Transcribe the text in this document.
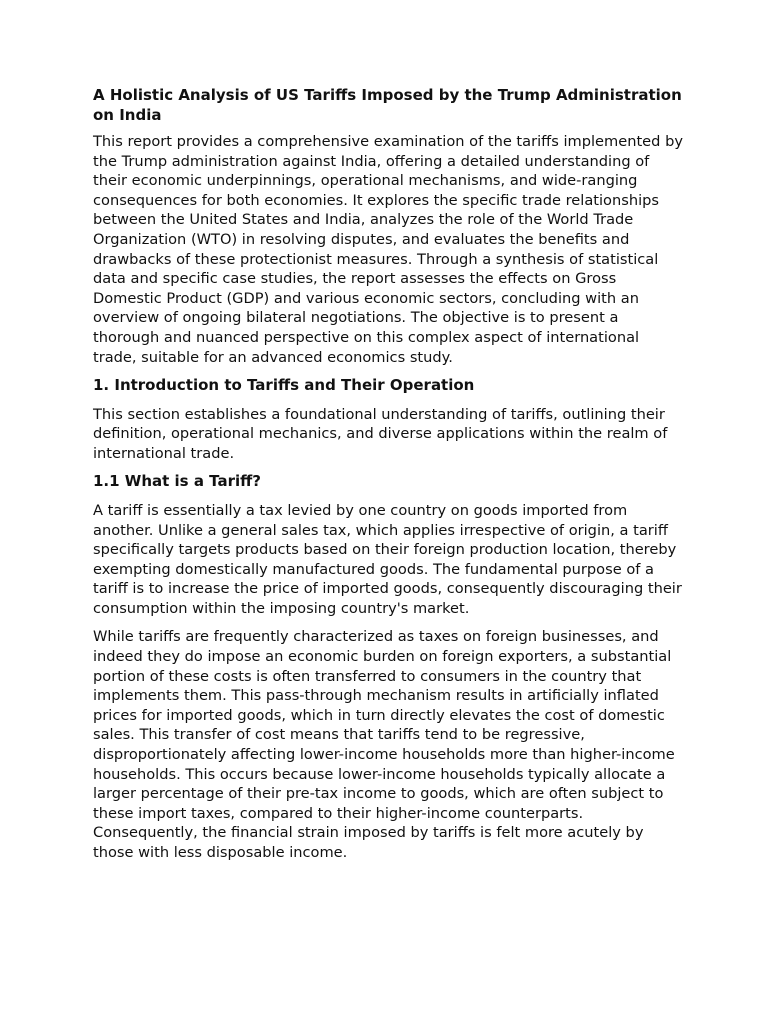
A Holistic Analysis of US Tariffs Imposed by the Trump Administration on India

This report provides a comprehensive examination of the tariffs implemented by the Trump administration against India, offering a detailed understanding of their economic underpinnings, operational mechanisms, and wide-ranging consequences for both economies. It explores the specific trade relationships between the United States and India, analyzes the role of the World Trade Organization (WTO) in resolving disputes, and evaluates the benefits and drawbacks of these protectionist measures. Through a synthesis of statistical data and specific case studies, the report assesses the effects on Gross Domestic Product (GDP) and various economic sectors, concluding with an overview of ongoing bilateral negotiations. The objective is to present a thorough and nuanced perspective on this complex aspect of international trade, suitable for an advanced economics study.

1. Introduction to Tariffs and Their Operation

This section establishes a foundational understanding of tariffs, outlining their definition, operational mechanics, and diverse applications within the realm of international trade.

1.1 What is a Tariff?

A tariff is essentially a tax levied by one country on goods imported from another. Unlike a general sales tax, which applies irrespective of origin, a tariff specifically targets products based on their foreign production location, thereby exempting domestically manufactured goods. The fundamental purpose of a tariff is to increase the price of imported goods, consequently discouraging their consumption within the imposing country's market.

While tariffs are frequently characterized as taxes on foreign businesses, and indeed they do impose an economic burden on foreign exporters, a substantial portion of these costs is often transferred to consumers in the country that implements them. This pass-through mechanism results in artificially inflated prices for imported goods, which in turn directly elevates the cost of domestic sales. This transfer of cost means that tariffs tend to be regressive, disproportionately affecting lower-income households more than higher-income households. This occurs because lower-income households typically allocate a larger percentage of their pre-tax income to goods, which are often subject to these import taxes, compared to their higher-income counterparts. Consequently, the financial strain imposed by tariffs is felt more acutely by those with less disposable income.
